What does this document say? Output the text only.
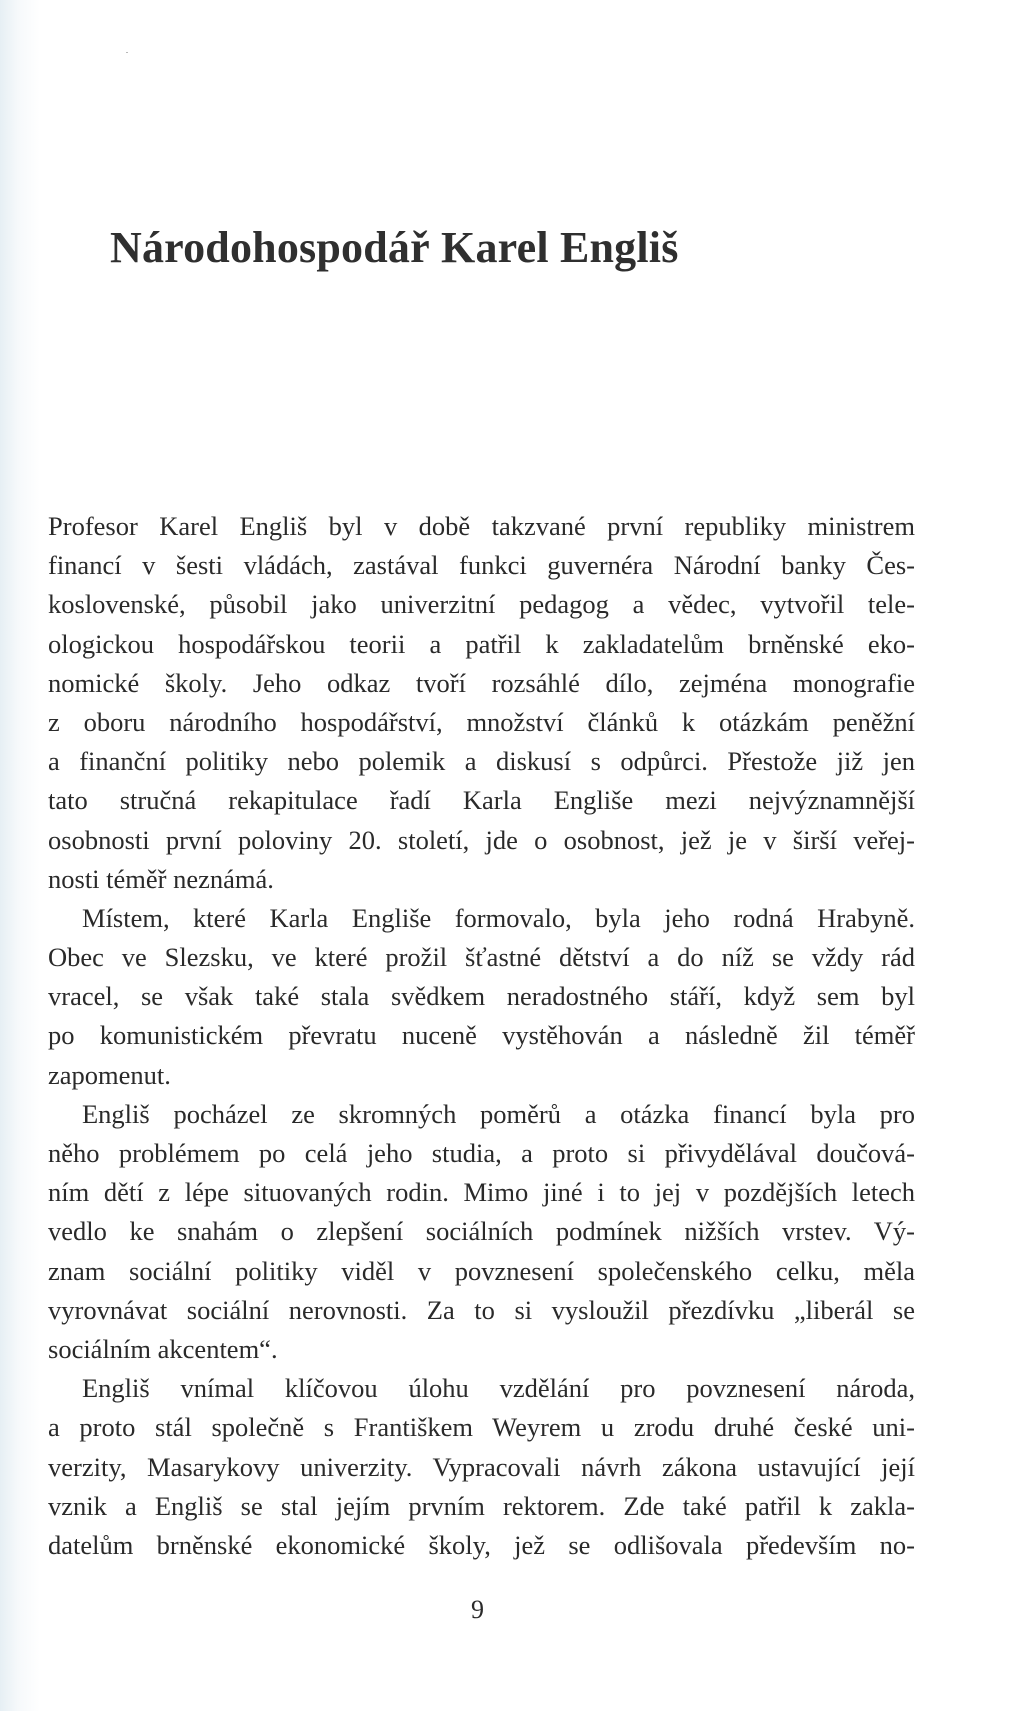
Národohospodář Karel Engliš
Profesor Karel Engliš byl v době takzvané první republiky ministrem
financí v šesti vládách, zastával funkci guvernéra Národní banky Čes-
koslovenské, působil jako univerzitní pedagog a vědec, vytvořil tele-
ologickou hospodářskou teorii a patřil k zakladatelům brněnské eko-
nomické školy. Jeho odkaz tvoří rozsáhlé dílo, zejména monografie
z oboru národního hospodářství, množství článků k otázkám peněžní
a finanční politiky nebo polemik a diskusí s odpůrci. Přestože již jen
tato stručná rekapitulace řadí Karla Engliše mezi nejvýznamnější
osobnosti první poloviny 20. století, jde o osobnost, jež je v širší veřej-
nosti téměř neznámá.
Místem, které Karla Engliše formovalo, byla jeho rodná Hrabyně.
Obec ve Slezsku, ve které prožil šťastné dětství a do níž se vždy rád
vracel, se však také stala svědkem neradostného stáří, když sem byl
po komunistickém převratu nuceně vystěhován a následně žil téměř
zapomenut.
Engliš pocházel ze skromných poměrů a otázka financí byla pro
něho problémem po celá jeho studia, a proto si přivydělával doučová-
ním dětí z lépe situovaných rodin. Mimo jiné i to jej v pozdějších letech
vedlo ke snahám o zlepšení sociálních podmínek nižších vrstev. Vý-
znam sociální politiky viděl v povznesení společenského celku, měla
vyrovnávat sociální nerovnosti. Za to si vysloužil přezdívku „liberál se
sociálním akcentem“.
Engliš vnímal klíčovou úlohu vzdělání pro povznesení národa,
a proto stál společně s Františkem Weyrem u zrodu druhé české uni-
verzity, Masarykovy univerzity. Vypracovali návrh zákona ustavující její
vznik a Engliš se stal jejím prvním rektorem. Zde také patřil k zakla-
datelům brněnské ekonomické školy, jež se odlišovala především no-
9
